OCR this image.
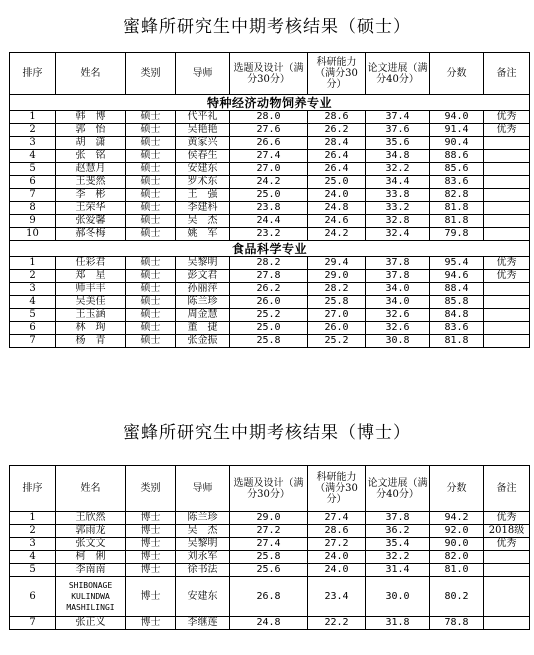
蜜蜂所研究生中期考核结果（硕士）
排序	姓名	类别	导师	选题及设计（满分30分）	科研能力（满分30分）	论文进展（满分40分）	分数	备注
特种经济动物饲养专业								
1	韩　博	硕士	代平礼	28.0	28.6	37.4	94.0	优秀
2	郭　怡	硕士	吴艳艳	27.6	26.2	37.6	91.4	优秀
3	胡　潇	硕士	黄家兴	26.6	28.4	35.6	90.4	
4	张　铭	硕士	侯春生	27.4	26.4	34.8	88.6	
5	赵慧月	硕士	安建东	27.0	26.4	32.2	85.6	
6	王斐然	硕士	罗术东	24.2	25.0	34.4	83.6	
7	李　彬	硕士	王　强	25.0	24.0	33.8	82.8	
8	王荣华	硕士	李建科	23.8	24.8	33.2	81.8	
9	张爱馨	硕士	吴　杰	24.4	24.6	32.8	81.8	
10	郝冬梅	硕士	姚　军	23.2	24.2	32.4	79.8	
食品科学专业								
1	任彩君	硕士	吴黎明	28.2	29.4	37.8	95.4	优秀
2	郑　星	硕士	彭文君	27.8	29.0	37.8	94.6	优秀
3	师丰丰	硕士	孙丽萍	26.2	28.2	34.0	88.4	
4	吴美佳	硕士	陈兰珍	26.0	25.8	34.0	85.8	
5	王玉涵	硕士	周金慧	25.2	27.0	32.6	84.8	
6	林　珣	硕士	董　捷	25.0	26.0	32.6	83.6	
7	杨　青	硕士	张金振	25.8	25.2	30.8	81.8	
蜜蜂所研究生中期考核结果（博士）
排序	姓名	类别	导师	选题及设计（满分30分）	科研能力（满分30分）	论文进展（满分40分）	分数	备注
1	王欣然	博士	陈兰珍	29.0	27.4	37.8	94.2	优秀
2	郭雨龙	博士	吴　杰	27.2	28.6	36.2	92.0	2018级
3	张文文	博士	吴黎明	27.4	27.2	35.4	90.0	优秀
4	柯　俐	博士	刘永军	25.8	24.0	32.2	82.0	
5	李南南	博士	徐书法	25.6	24.0	31.4	81.0	
6	SHIBONAGE KULINDWA MASHILINGI	博士	安建东	26.8	23.4	30.0	80.2	
7	张正义	博士	李继莲	24.8	22.2	31.8	78.8	
